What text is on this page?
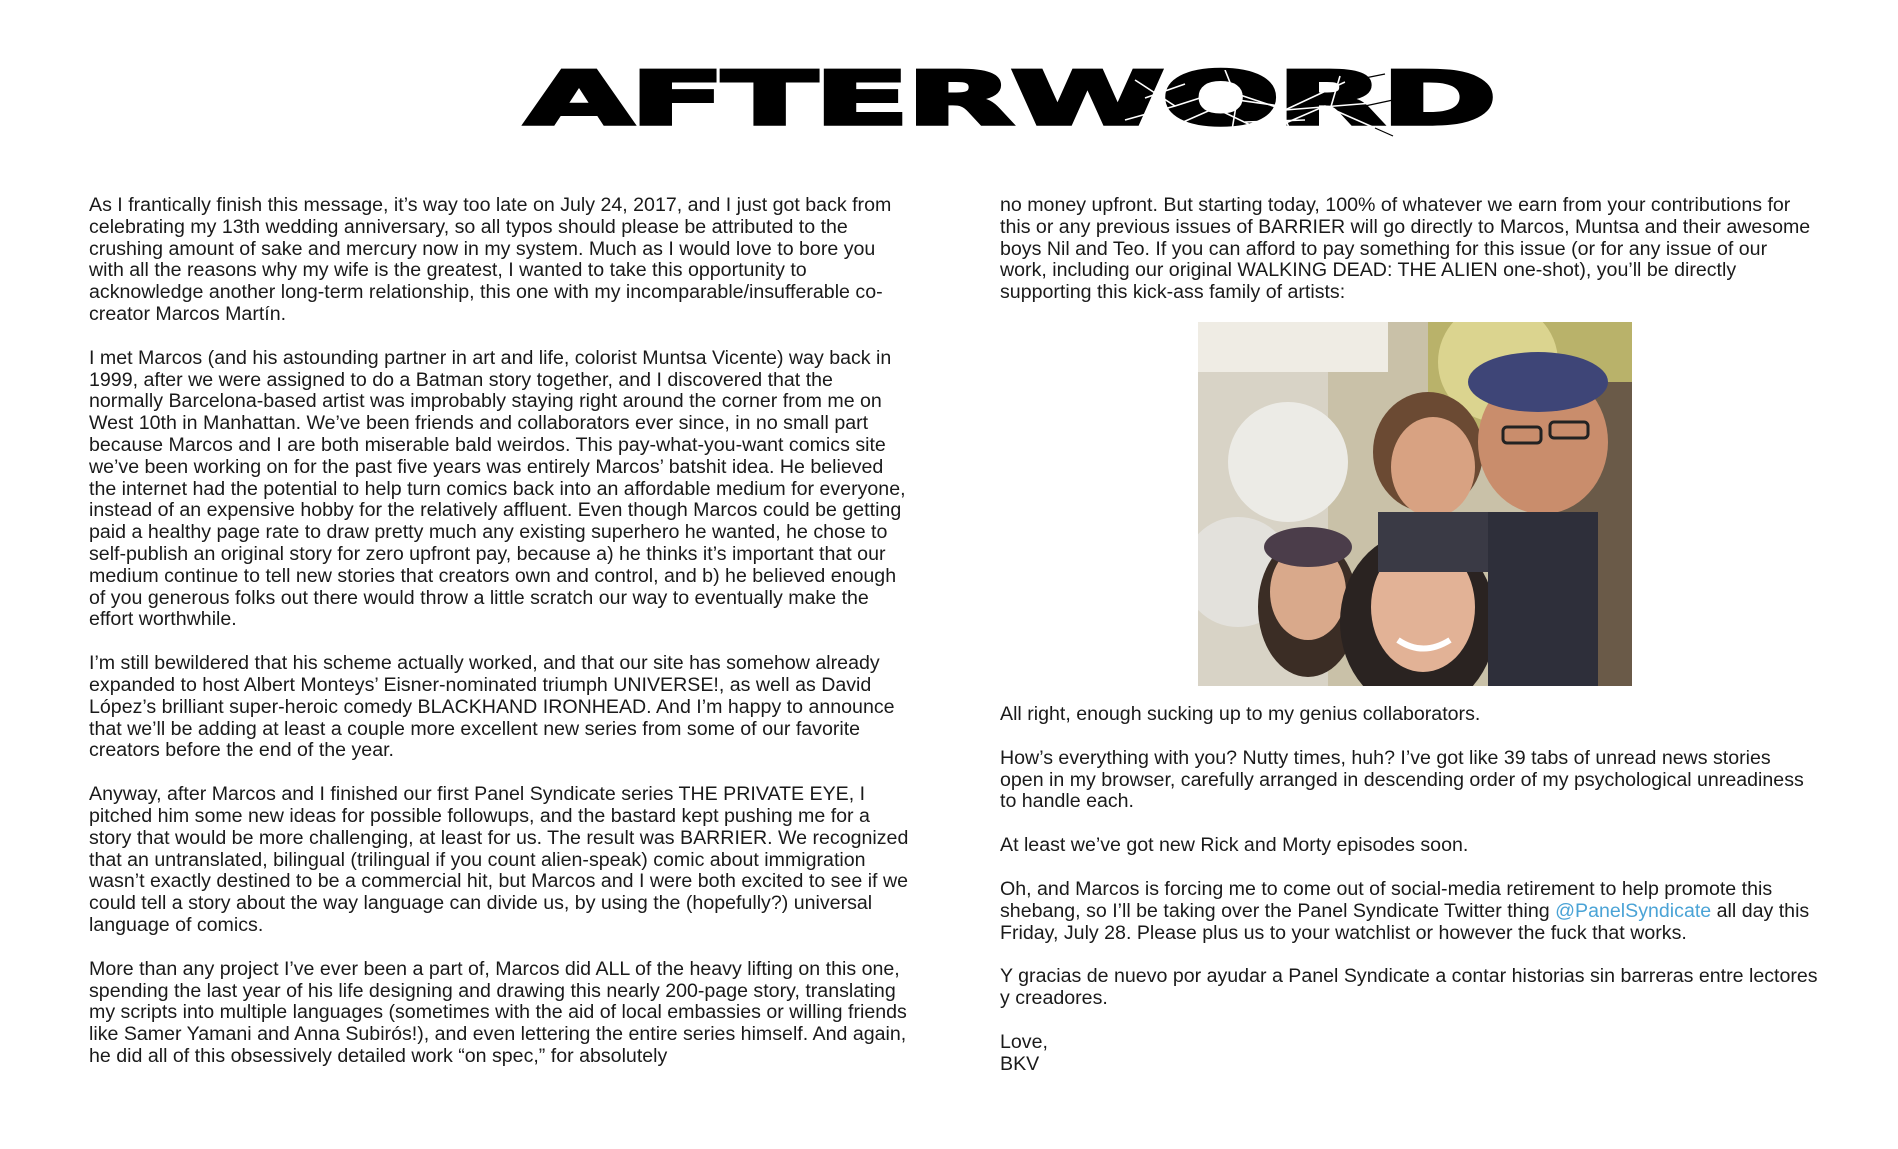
AFTERWORD

As I frantically finish this message, it’s way too late on July 24, 2017, and I just got back from celebrating my 13th wedding anniversary, so all typos should please be attributed to the crushing amount of sake and mercury now in my system. Much as I would love to bore you with all the reasons why my wife is the greatest, I wanted to take this opportunity to acknowledge another long-term relationship, this one with my incomparable/insufferable co-creator Marcos Martín.

I met Marcos (and his astounding partner in art and life, colorist Muntsa Vicente) way back in 1999, after we were assigned to do a Batman story together, and I discovered that the normally Barcelona-based artist was improbably staying right around the corner from me on West 10th in Manhattan. We’ve been friends and collaborators ever since, in no small part because Marcos and I are both miserable bald weirdos. This pay-what-you-want comics site we’ve been working on for the past five years was entirely Marcos’ batshit idea. He believed the internet had the potential to help turn comics back into an affordable medium for everyone, instead of an expensive hobby for the relatively affluent. Even though Marcos could be getting paid a healthy page rate to draw pretty much any existing superhero he wanted, he chose to self-publish an original story for zero upfront pay, because a) he thinks it’s important that our medium continue to tell new stories that creators own and control, and b) he believed enough of you generous folks out there would throw a little scratch our way to eventually make the effort worthwhile.

I’m still bewildered that his scheme actually worked, and that our site has somehow already expanded to host Albert Monteys’ Eisner-nominated triumph UNIVERSE!, as well as David López’s brilliant super-heroic comedy BLACKHAND IRONHEAD. And I’m happy to announce that we’ll be adding at least a couple more excellent new series from some of our favorite creators before the end of the year.

Anyway, after Marcos and I finished our first Panel Syndicate series THE PRIVATE EYE, I pitched him some new ideas for possible followups, and the bastard kept pushing me for a story that would be more challenging, at least for us. The result was BARRIER. We recognized that an untranslated, bilingual (trilingual if you count alien-speak) comic about immigration wasn’t exactly destined to be a commercial hit, but Marcos and I were both excited to see if we could tell a story about the way language can divide us, by using the (hopefully?) universal language of comics.

More than any project I’ve ever been a part of, Marcos did ALL of the heavy lifting on this one, spending the last year of his life designing and drawing this nearly 200-page story, translating my scripts into multiple languages (sometimes with the aid of local embassies or willing friends like Samer Yamani and Anna Subirós!), and even lettering the entire series himself. And again, he did all of this obsessively detailed work “on spec,” for absolutely

no money upfront. But starting today, 100% of whatever we earn from your contributions for this or any previous issues of BARRIER will go directly to Marcos, Muntsa and their awesome boys Nil and Teo. If you can afford to pay something for this issue (or for any issue of our work, including our original WALKING DEAD: THE ALIEN one-shot), you’ll be directly supporting this kick-ass family of artists:

All right, enough sucking up to my genius collaborators.

How’s everything with you? Nutty times, huh? I’ve got like 39 tabs of unread news stories open in my browser, carefully arranged in descending order of my psychological unreadiness to handle each.

At least we’ve got new Rick and Morty episodes soon.

Oh, and Marcos is forcing me to come out of social-media retirement to help promote this shebang, so I’ll be taking over the Panel Syndicate Twitter thing @PanelSyndicate all day this Friday, July 28. Please plus us to your watchlist or however the fuck that works.

Y gracias de nuevo por ayudar a Panel Syndicate a contar historias sin barreras entre lectores y creadores.

Love,
BKV
